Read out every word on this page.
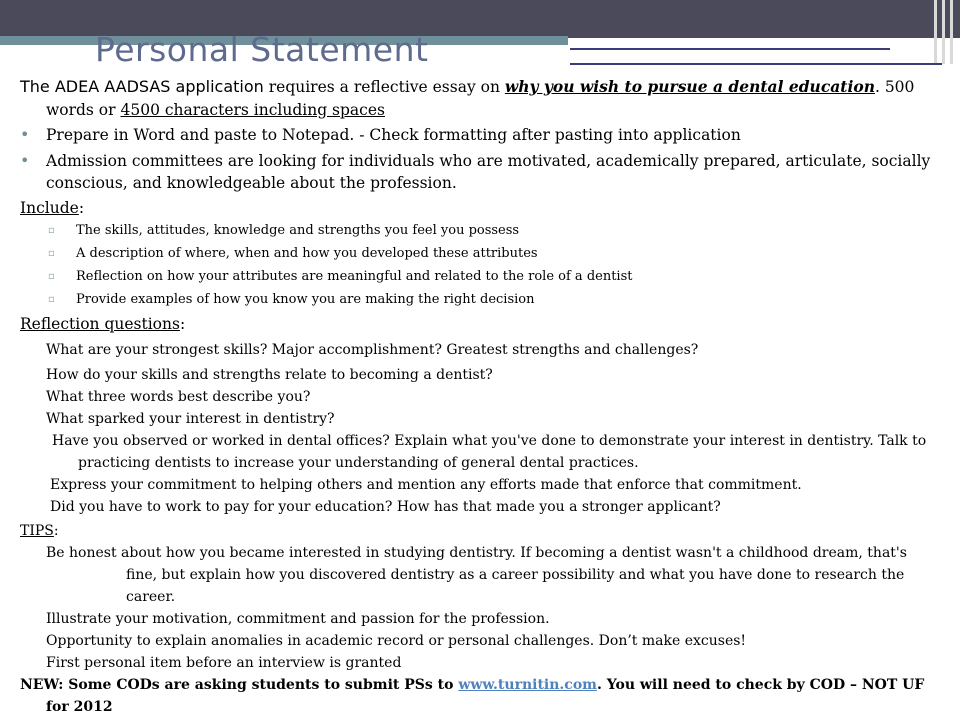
Personal Statement

The ADEA AADSAS application requires a reflective essay on why you wish to pursue a dental education. 500 words or 4500 characters including spaces

• Prepare in Word and paste to Notepad. - Check formatting after pasting into application
• Admission committees are looking for individuals who are motivated, academically prepared, articulate, socially conscious, and knowledgeable about the profession.

Include:

▫ The skills, attitudes, knowledge and strengths you feel you possess
▫ A description of where, when and how you developed these attributes
▫ Reflection on how your attributes are meaningful and related to the role of a dentist
▫ Provide examples of how you know you are making the right decision

Reflection questions:

What are your strongest skills? Major accomplishment? Greatest strengths and challenges?

How do your skills and strengths relate to becoming a dentist?

What three words best describe you?

What sparked your interest in dentistry?

Have you observed or worked in dental offices? Explain what you've done to demonstrate your interest in dentistry. Talk to practicing dentists to increase your understanding of general dental practices.

Express your commitment to helping others and mention any efforts made that enforce that commitment.

Did you have to work to pay for your education? How has that made you a stronger applicant?

TIPS:

Be honest about how you became interested in studying dentistry. If becoming a dentist wasn't a childhood dream, that's fine, but explain how you discovered dentistry as a career possibility and what you have done to research the career.

Illustrate your motivation, commitment and passion for the profession.

Opportunity to explain anomalies in academic record or personal challenges. Don’t make excuses!

First personal item before an interview is granted

NEW: Some CODs are asking students to submit PSs to www.turnitin.com. You will need to check by COD – NOT UF for 2012
